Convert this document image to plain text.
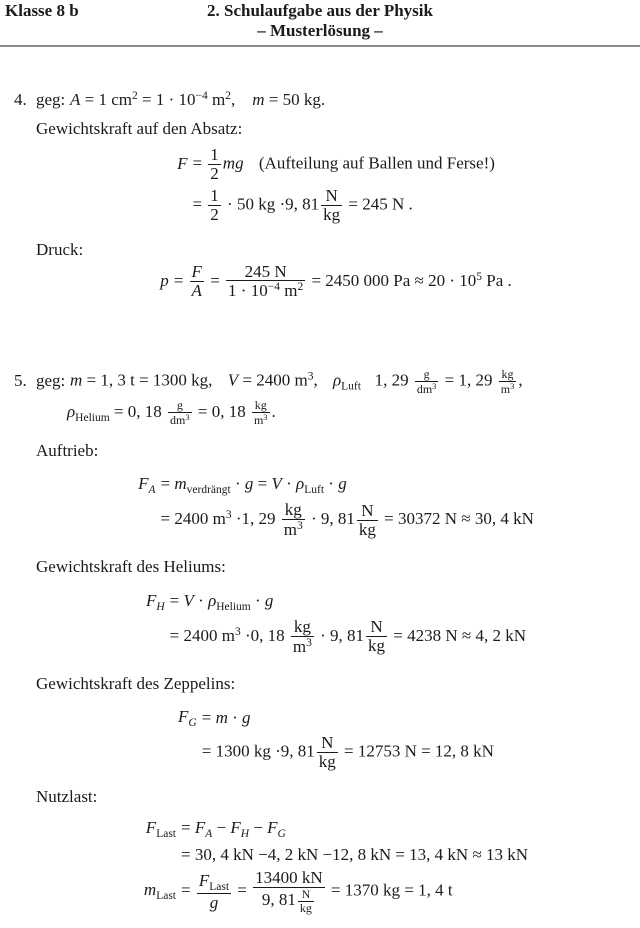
Klasse 8 b	2. Schulaufgabe aus der Physik
– Musterlösung –
4. geg: A = 1 $cm^2 = 1 \cdot 10^{-4}$ $m^2$, m = 50 kg.
Gewichtskraft auf den Absatz:
F	= $\frac{1}{2}$ mg (Aufteilung auf Ballen und Ferse!)
	= $\frac{1}{2} \cdot 50$ kg ·9, $81 \frac{N}{kg} = 245$ N .
Druck:
p	= $\frac{F}{A} = \frac{245 N}{1 \cdot 10^{-4} m^2} = 2450$ 000 $Pa \approx 20 \cdot 10^5$ Pa .
5. geg: m = 1, 3 t = 1300 kg, V = 2400 $m^3$, $\rho_{Luft}$ 1, $29 \frac{g}{dm^3} = 1$, $29 \frac{kg}{m^3}$ ,
$\rho_{Helium} = 0$, $18 \frac{g}{dm^3} = 0$, $18 \frac{kg}{m^3}$ .
Auftrieb:
$F_A$	= $m_{verdrängt} \cdot g = V \cdot \rho_{Luft} \cdot g$
	= 2400 $m^3 \cdot 1$, $29 \frac{kg}{m^3} \cdot 9$, $81 \frac{N}{kg} = 30372$ N ≈ 30, 4 kN
Gewichtskraft des Heliums:
$F_H$	= $V \cdot \rho_{Helium} \cdot g$
	= 2400 $m^3 \cdot 0$, $18 \frac{kg}{m^3} \cdot 9$, $81 \frac{N}{kg} = 4238$ N ≈ 4, 2 kN
Gewichtskraft des Zeppelins:
$F_G$	= m · g
	= 1300 kg ·9, $81 \frac{N}{kg} = 12753$ N = 12, 8 kN
Nutzlast:
$F_{Last}$	= $F_A - F_H - F_G$
	= 30, 4 kN −4, 2 kN −12, 8 kN = 13, 4 kN ≈ 13 kN
$m_{Last}$	= $\frac{F_{Last}}{g} = \frac{13400 kN}{9, 81 \frac{N}{kg}} = 1370$ kg = 1, 4 t
